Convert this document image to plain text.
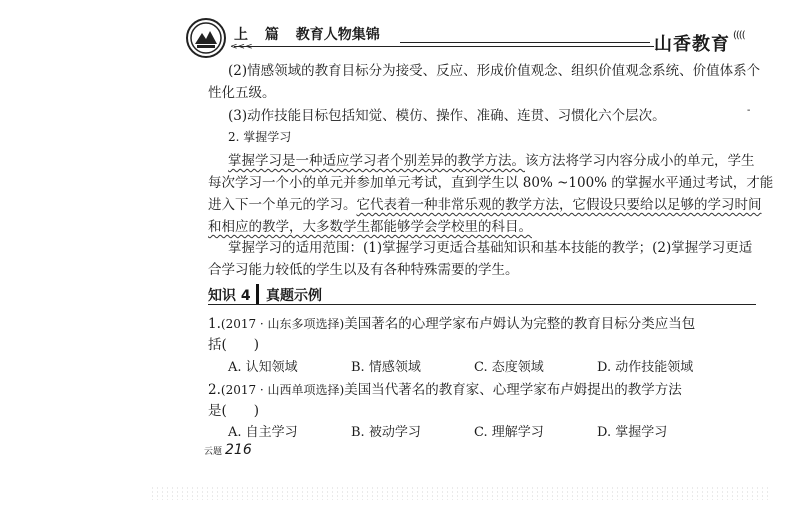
<<<
上 篇 教育人物集锦	山香教育 ((((
(2)情感领域的教育目标分为接受、反应、形成价值观念、组织价值观念系统、价值体系个
性化五级。
(3)动作技能目标包括知觉、模仿、操作、准确、连贯、习惯化六个层次。	-
2. 掌握学习
掌握学习是一种适应学习者个别差异的教学方法。该方法将学习内容分成小的单元，学生
每次学习一个小的单元并参加单元考试，直到学生以 80% ~100% 的掌握水平通过考试，才能
进入下一个单元的学习。它代表着一种非常乐观的教学方法，它假设只要给以足够的学习时间
和相应的教学，大多数学生都能够学会学校里的科目。
掌握学习的适用范围：(1)掌握学习更适合基础知识和基本技能的教学；(2)掌握学习更适
合学习能力较低的学生以及有各种特殊需要的学生。
知识 4 真题示例
1.(2017 · 山东多项选择)美国著名的心理学家布卢姆认为完整的教育目标分类应当包
括(　　)
A. 认知领域	B. 情感领域	C. 态度领域	D. 动作技能领域
2.(2017 · 山西单项选择)美国当代著名的教育家、心理学家布卢姆提出的教学方法
是(　　)
A. 自主学习	B. 被动学习	C. 理解学习	D. 掌握学习
云题 216
